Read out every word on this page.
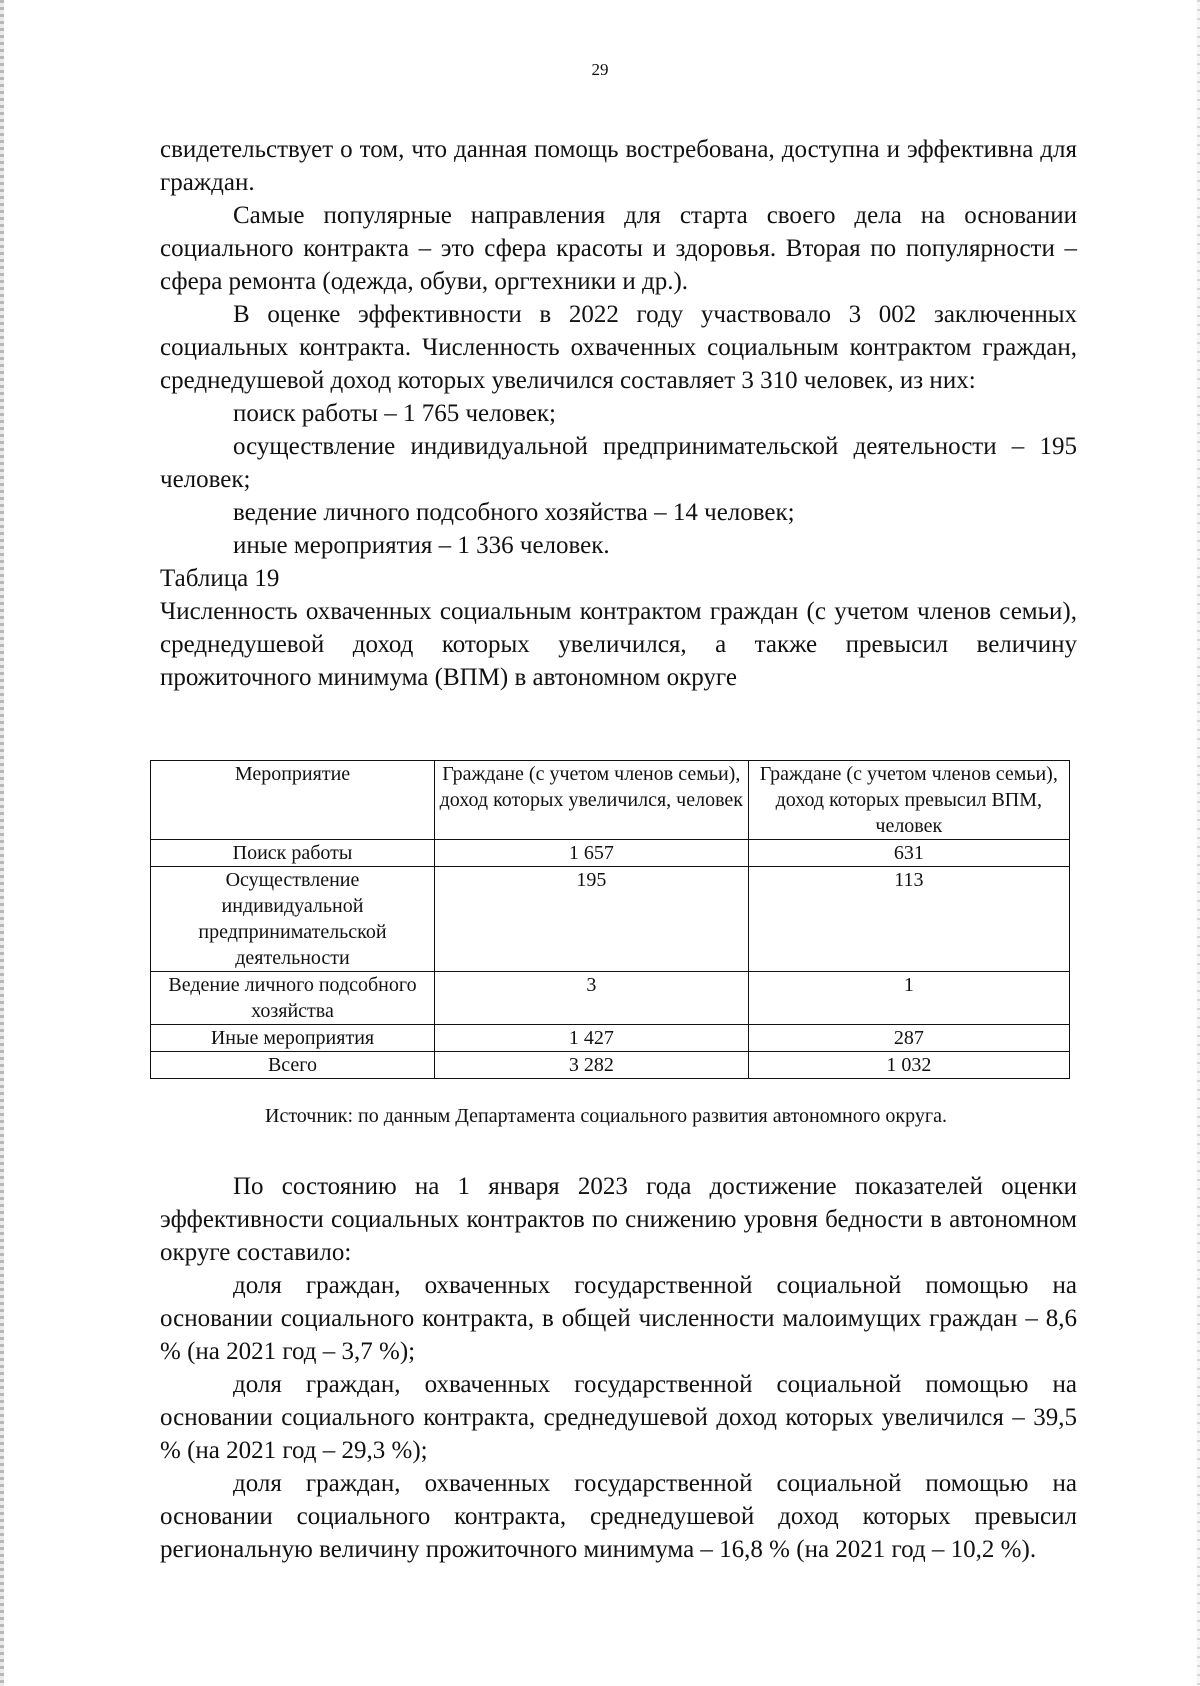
29

свидетельствует о том, что данная помощь востребована, доступна и эффективна для граждан.

Самые популярные направления для старта своего дела на основании социального контракта – это сфера красоты и здоровья. Вторая по популярности – сфера ремонта (одежда, обуви, оргтехники и др.).

В оценке эффективности в 2022 году участвовало 3 002 заключенных социальных контракта. Численность охваченных социальным контрактом граждан, среднедушевой доход которых увеличился составляет 3 310 человек, из них:

поиск работы – 1 765 человек;

осуществление индивидуальной предпринимательской деятельности – 195 человек;

ведение личного подсобного хозяйства – 14 человек;

иные мероприятия – 1 336 человек.

Таблица 19

Численность охваченных социальным контрактом граждан (с учетом членов семьи), среднедушевой доход которых увеличился, а также превысил величину прожиточного минимума (ВПМ) в автономном округе

Мероприятие	Граждане (с учетом членов семьи), доход которых увеличился, человек	Граждане (с учетом членов семьи), доход которых превысил ВПМ, человек
Поиск работы	1 657	631
Осуществление индивидуальной предпринимательской деятельности	195	113
Ведение личного подсобного хозяйства	3	1
Иные мероприятия	1 427	287
Всего	3 282	1 032
Источник: по данным Департамента социального развития автономного округа.

По состоянию на 1 января 2023 года достижение показателей оценки эффективности социальных контрактов по снижению уровня бедности в автономном округе составило:

доля граждан, охваченных государственной социальной помощью на основании социального контракта, в общей численности малоимущих граждан – 8,6 % (на 2021 год – 3,7 %);

доля граждан, охваченных государственной социальной помощью на основании социального контракта, среднедушевой доход которых увеличился – 39,5 % (на 2021 год – 29,3 %);

доля граждан, охваченных государственной социальной помощью на основании социального контракта, среднедушевой доход которых превысил региональную величину прожиточного минимума – 16,8 % (на 2021 год – 10,2 %).
